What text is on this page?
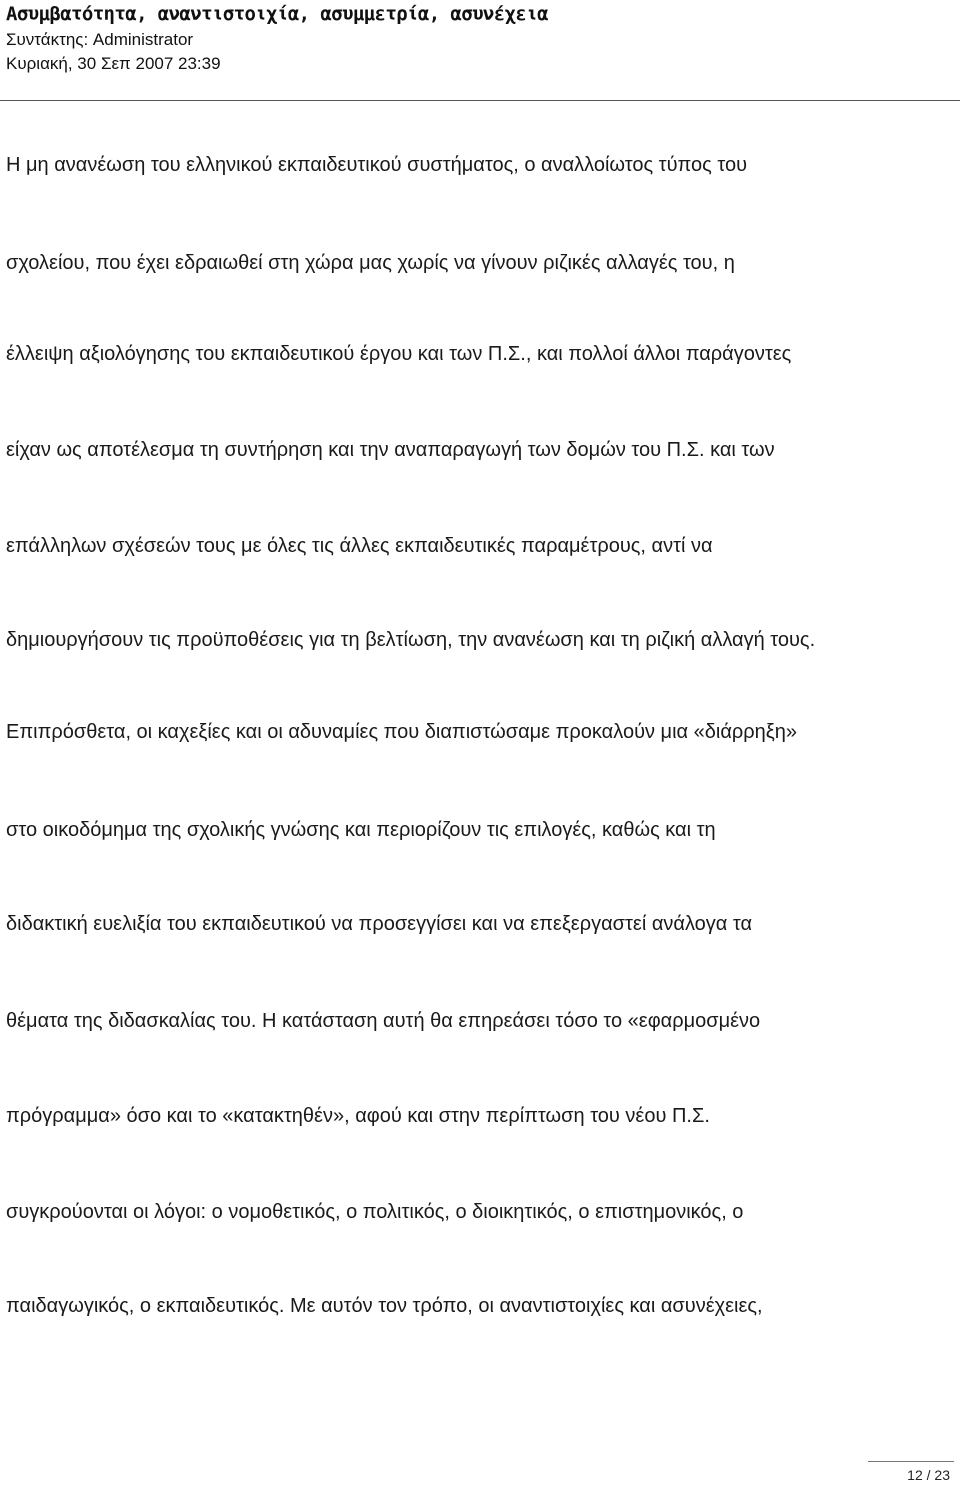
Ασυμβατότητα, αναντιστοιχία, ασυμμετρία, ασυνέχεια
Συντάκτης: Administrator
Κυριακή, 30 Σεπ 2007 23:39
Η μη ανανέωση του ελληνικού εκπαιδευτικού συστήματος, ο αναλλοίωτος τύπος του
σχολείου, που έχει εδραιωθεί στη χώρα μας χωρίς να γίνουν ριζικές αλλαγές του, η
έλλειψη αξιολόγησης του εκπαιδευτικού έργου και των Π.Σ., και πολλοί άλλοι παράγοντες
είχαν ως αποτέλεσμα τη συντήρηση και την αναπαραγωγή των δομών του Π.Σ. και των
επάλληλων σχέσεών τους με όλες τις άλλες εκπαιδευτικές παραμέτρους, αντί να
δημιουργήσουν τις προϋποθέσεις για τη βελτίωση, την ανανέωση και τη ριζική αλλαγή τους.
Επιπρόσθετα, οι καχεξίες και οι αδυναμίες που διαπιστώσαμε προκαλούν μια «διάρρηξη»
στο οικοδόμημα της σχολικής γνώσης και περιορίζουν τις επιλογές, καθώς και τη
διδακτική ευελιξία του εκπαιδευτικού να προσεγγίσει και να επεξεργαστεί ανάλογα τα
θέματα της διδασκαλίας του. Η κατάσταση αυτή θα επηρεάσει τόσο το «εφαρμοσμένο
πρόγραμμα» όσο και το «κατακτηθέν», αφού και στην περίπτωση του νέου Π.Σ.
συγκρούονται οι λόγοι: ο νομοθετικός, ο πολιτικός, ο διοικητικός, ο επιστημονικός, ο
παιδαγωγικός, ο εκπαιδευτικός. Με αυτόν τον τρόπο, οι αναντιστοιχίες και ασυνέχειες,
12 / 23
